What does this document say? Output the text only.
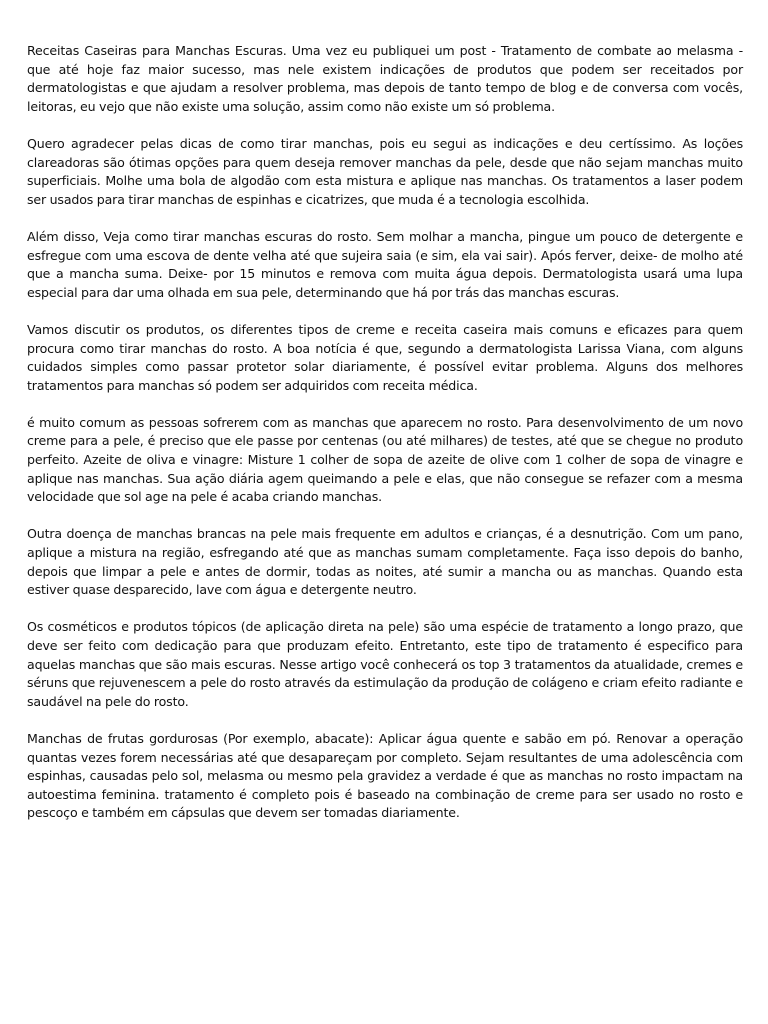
Receitas Caseiras para Manchas Escuras. Uma vez eu publiquei um post - Tratamento de combate ao melasma - que até hoje faz maior sucesso, mas nele existem indicações de produtos que podem ser receitados por dermatologistas e que ajudam a resolver problema, mas depois de tanto tempo de blog e de conversa com vocês, leitoras, eu vejo que não existe uma solução, assim como não existe um só problema.

Quero agradecer pelas dicas de como tirar manchas, pois eu segui as indicações e deu certíssimo. As loções clareadoras são ótimas opções para quem deseja remover manchas da pele, desde que não sejam manchas muito superficiais. Molhe uma bola de algodão com esta mistura e aplique nas manchas. Os tratamentos a laser podem ser usados para tirar manchas de espinhas e cicatrizes, que muda é a tecnologia escolhida.

Além disso, Veja como tirar manchas escuras do rosto. Sem molhar a mancha, pingue um pouco de detergente e esfregue com uma escova de dente velha até que sujeira saia (e sim, ela vai sair). Após ferver, deixe- de molho até que a mancha suma. Deixe- por 15 minutos e remova com muita água depois. Dermatologista usará uma lupa especial para dar uma olhada em sua pele, determinando que há por trás das manchas escuras.

Vamos discutir os produtos, os diferentes tipos de creme e receita caseira mais comuns e eficazes para quem procura como tirar manchas do rosto. A boa notícia é que, segundo a dermatologista Larissa Viana, com alguns cuidados simples como passar protetor solar diariamente, é possível evitar problema. Alguns dos melhores tratamentos para manchas só podem ser adquiridos com receita médica.

é muito comum as pessoas sofrerem com as manchas que aparecem no rosto. Para desenvolvimento de um novo creme para a pele, é preciso que ele passe por centenas (ou até milhares) de testes, até que se chegue no produto perfeito. Azeite de oliva e vinagre: Misture 1 colher de sopa de azeite de olive com 1 colher de sopa de vinagre e aplique nas manchas. Sua ação diária agem queimando a pele e elas, que não consegue se refazer com a mesma velocidade que sol age na pele é acaba criando manchas.

Outra doença de manchas brancas na pele mais frequente em adultos e crianças, é a desnutrição. Com um pano, aplique a mistura na região, esfregando até que as manchas sumam completamente. Faça isso depois do banho, depois que limpar a pele e antes de dormir, todas as noites, até sumir a mancha ou as manchas. Quando esta estiver quase desparecido, lave com água e detergente neutro.

Os cosméticos e produtos tópicos (de aplicação direta na pele) são uma espécie de tratamento a longo prazo, que deve ser feito com dedicação para que produzam efeito. Entretanto, este tipo de tratamento é especifico para aquelas manchas que são mais escuras. Nesse artigo você conhecerá os top 3 tratamentos da atualidade, cremes e séruns que rejuvenescem a pele do rosto através da estimulação da produção de colágeno e criam efeito radiante e saudável na pele do rosto.

Manchas de frutas gordurosas (Por exemplo, abacate): Aplicar água quente e sabão em pó. Renovar a operação quantas vezes forem necessárias até que desapareçam por completo. Sejam resultantes de uma adolescência com espinhas, causadas pelo sol, melasma ou mesmo pela gravidez a verdade é que as manchas no rosto impactam na autoestima feminina. tratamento é completo pois é baseado na combinação de creme para ser usado no rosto e pescoço e também em cápsulas que devem ser tomadas diariamente.
